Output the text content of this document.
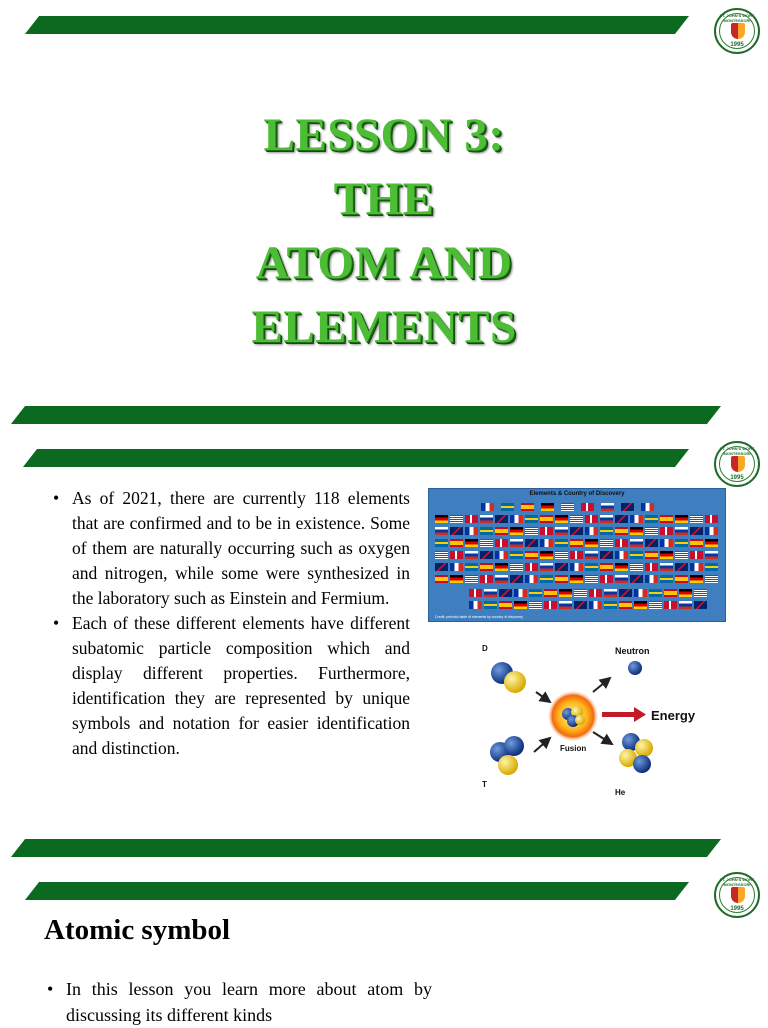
ST. JOHN'S WORT MONTESSORI
1995
LESSON 3:
THE
ATOM AND
ELEMENTS
ST. JOHN'S WORT MONTESSORI
1995
• As of 2021, there are currently 118 elements that are confirmed and to be in existence. Some of them are naturally occurring such as oxygen and nitrogen, while some were synthesized in the laboratory such as Einstein and Fermium.
• Each of these different elements have different subatomic particle composition which and display different properties. Furthermore, identification they are represented by unique symbols and notation for easier identification and distinction.
Elements & Country of Discovery
Credit: periodic table of elements by country of discovery
D
T
Neutron
Energy
Fusion
He
ST. JOHN'S WORT MONTESSORI
1995
Atomic symbol
• In this lesson you learn more about atom by discussing its different kinds
